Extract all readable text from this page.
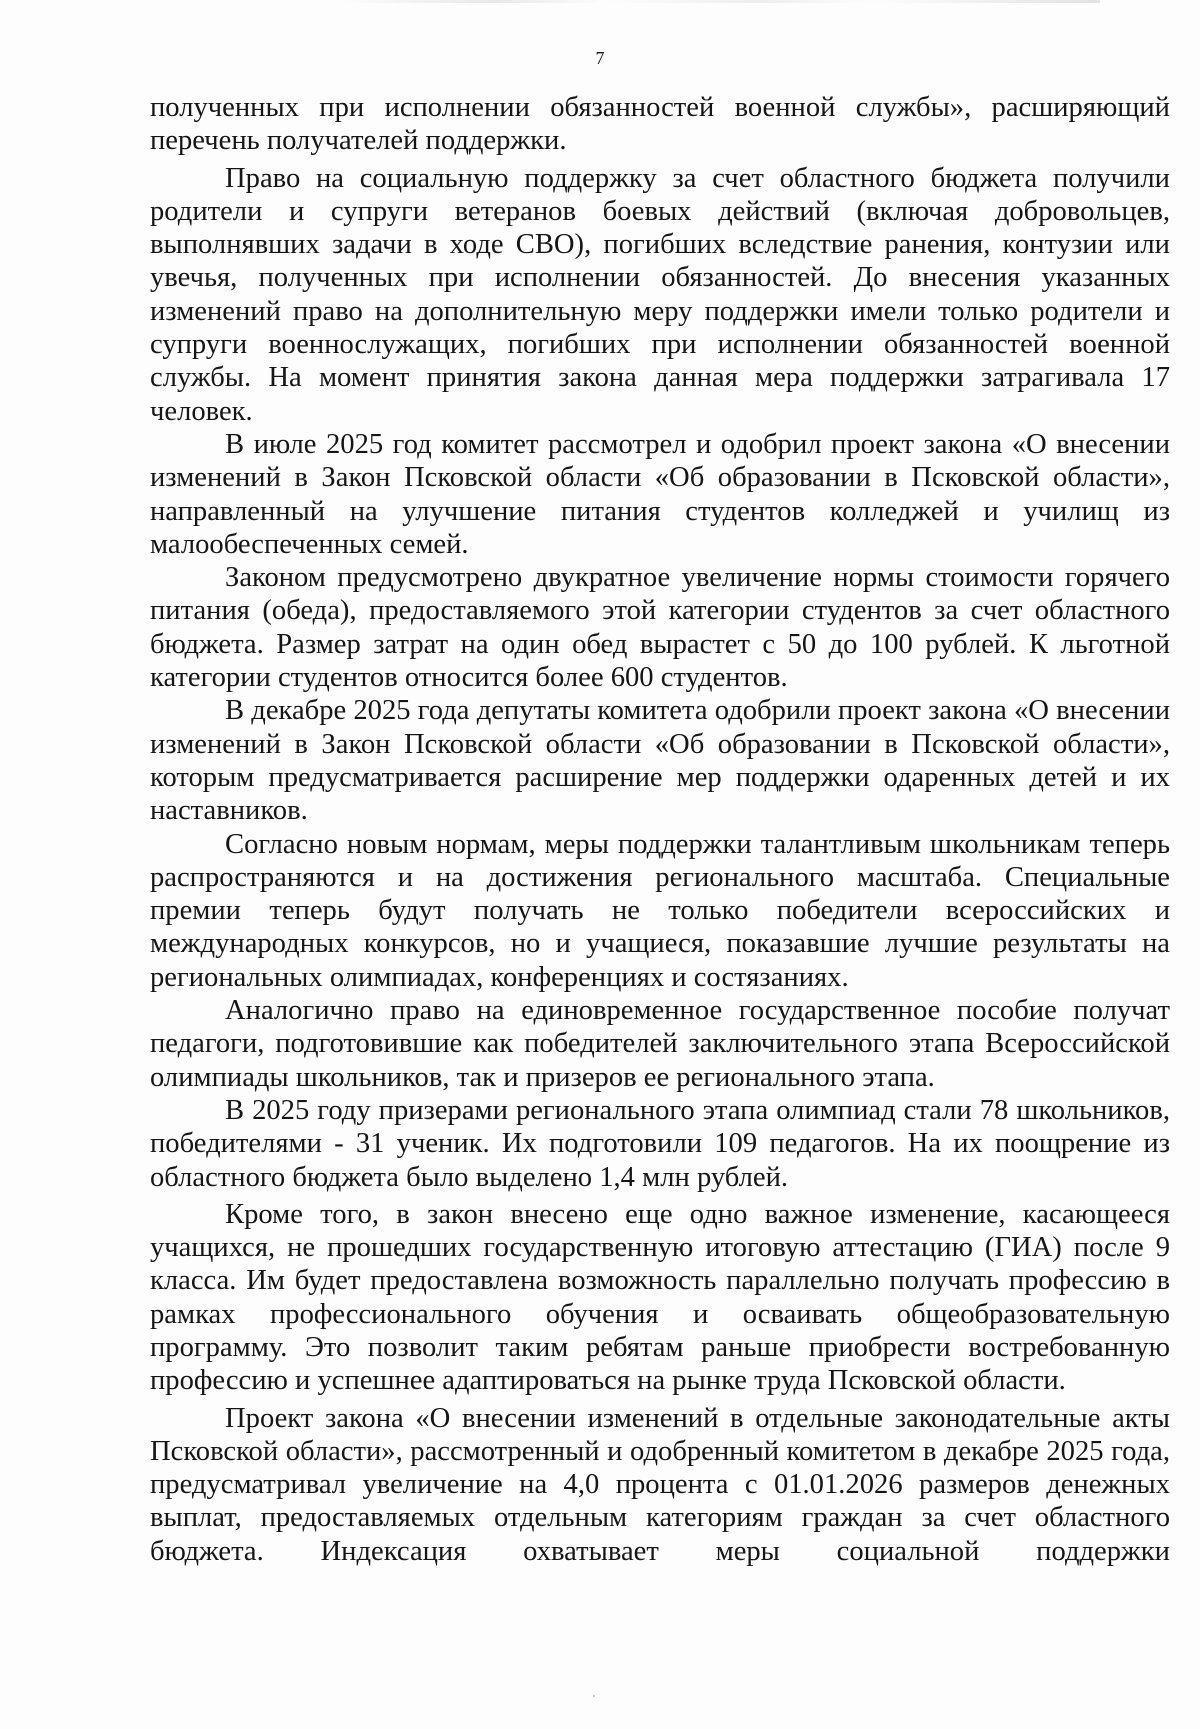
7

полученных при исполнении обязанностей военной службы», расширяющий перечень получателей поддержки.

Право на социальную поддержку за счет областного бюджета получили родители и супруги ветеранов боевых действий (включая добровольцев, выполнявших задачи в ходе СВО), погибших вследствие ранения, контузии или увечья, полученных при исполнении обязанностей. До внесения указанных изменений право на дополнительную меру поддержки имели только родители и супруги военнослужащих, погибших при исполнении обязанностей военной службы. На момент принятия закона данная мера поддержки затрагивала 17 человек.

В июле 2025 год комитет рассмотрел и одобрил проект закона «О внесении изменений в Закон Псковской области «Об образовании в Псковской области», направленный на улучшение питания студентов колледжей и училищ из малообеспеченных семей.

Законом предусмотрено двукратное увеличение нормы стоимости горячего питания (обеда), предоставляемого этой категории студентов за счет областного бюджета. Размер затрат на один обед вырастет с 50 до 100 рублей. К льготной категории студентов относится более 600 студентов.

В декабре 2025 года депутаты комитета одобрили проект закона «О внесении изменений в Закон Псковской области «Об образовании в Псковской области», которым предусматривается расширение мер поддержки одаренных детей и их наставников.

Согласно новым нормам, меры поддержки талантливым школьникам теперь распространяются и на достижения регионального масштаба. Специальные премии теперь будут получать не только победители всероссийских и международных конкурсов, но и учащиеся, показавшие лучшие результаты на региональных олимпиадах, конференциях и состязаниях.

Аналогично право на единовременное государственное пособие получат педагоги, подготовившие как победителей заключительного этапа Всероссийской олимпиады школьников, так и призеров ее регионального этапа.

В 2025 году призерами регионального этапа олимпиад стали 78 школьников, победителями - 31 ученик. Их подготовили 109 педагогов. На их поощрение из областного бюджета было выделено 1,4 млн рублей.

Кроме того, в закон внесено еще одно важное изменение, касающееся учащихся, не прошедших государственную итоговую аттестацию (ГИА) после 9 класса. Им будет предоставлена возможность параллельно получать профессию в рамках профессионального обучения и осваивать общеобразовательную программу. Это позволит таким ребятам раньше приобрести востребованную профессию и успешнее адаптироваться на рынке труда Псковской области.

Проект закона «О внесении изменений в отдельные законодательные акты Псковской области», рассмотренный и одобренный комитетом в декабре 2025 года, предусматривал увеличение на 4,0 процента с 01.01.2026 размеров денежных выплат, предоставляемых отдельным категориям граждан за счет областного бюджета. Индексация охватывает меры социальной поддержки
